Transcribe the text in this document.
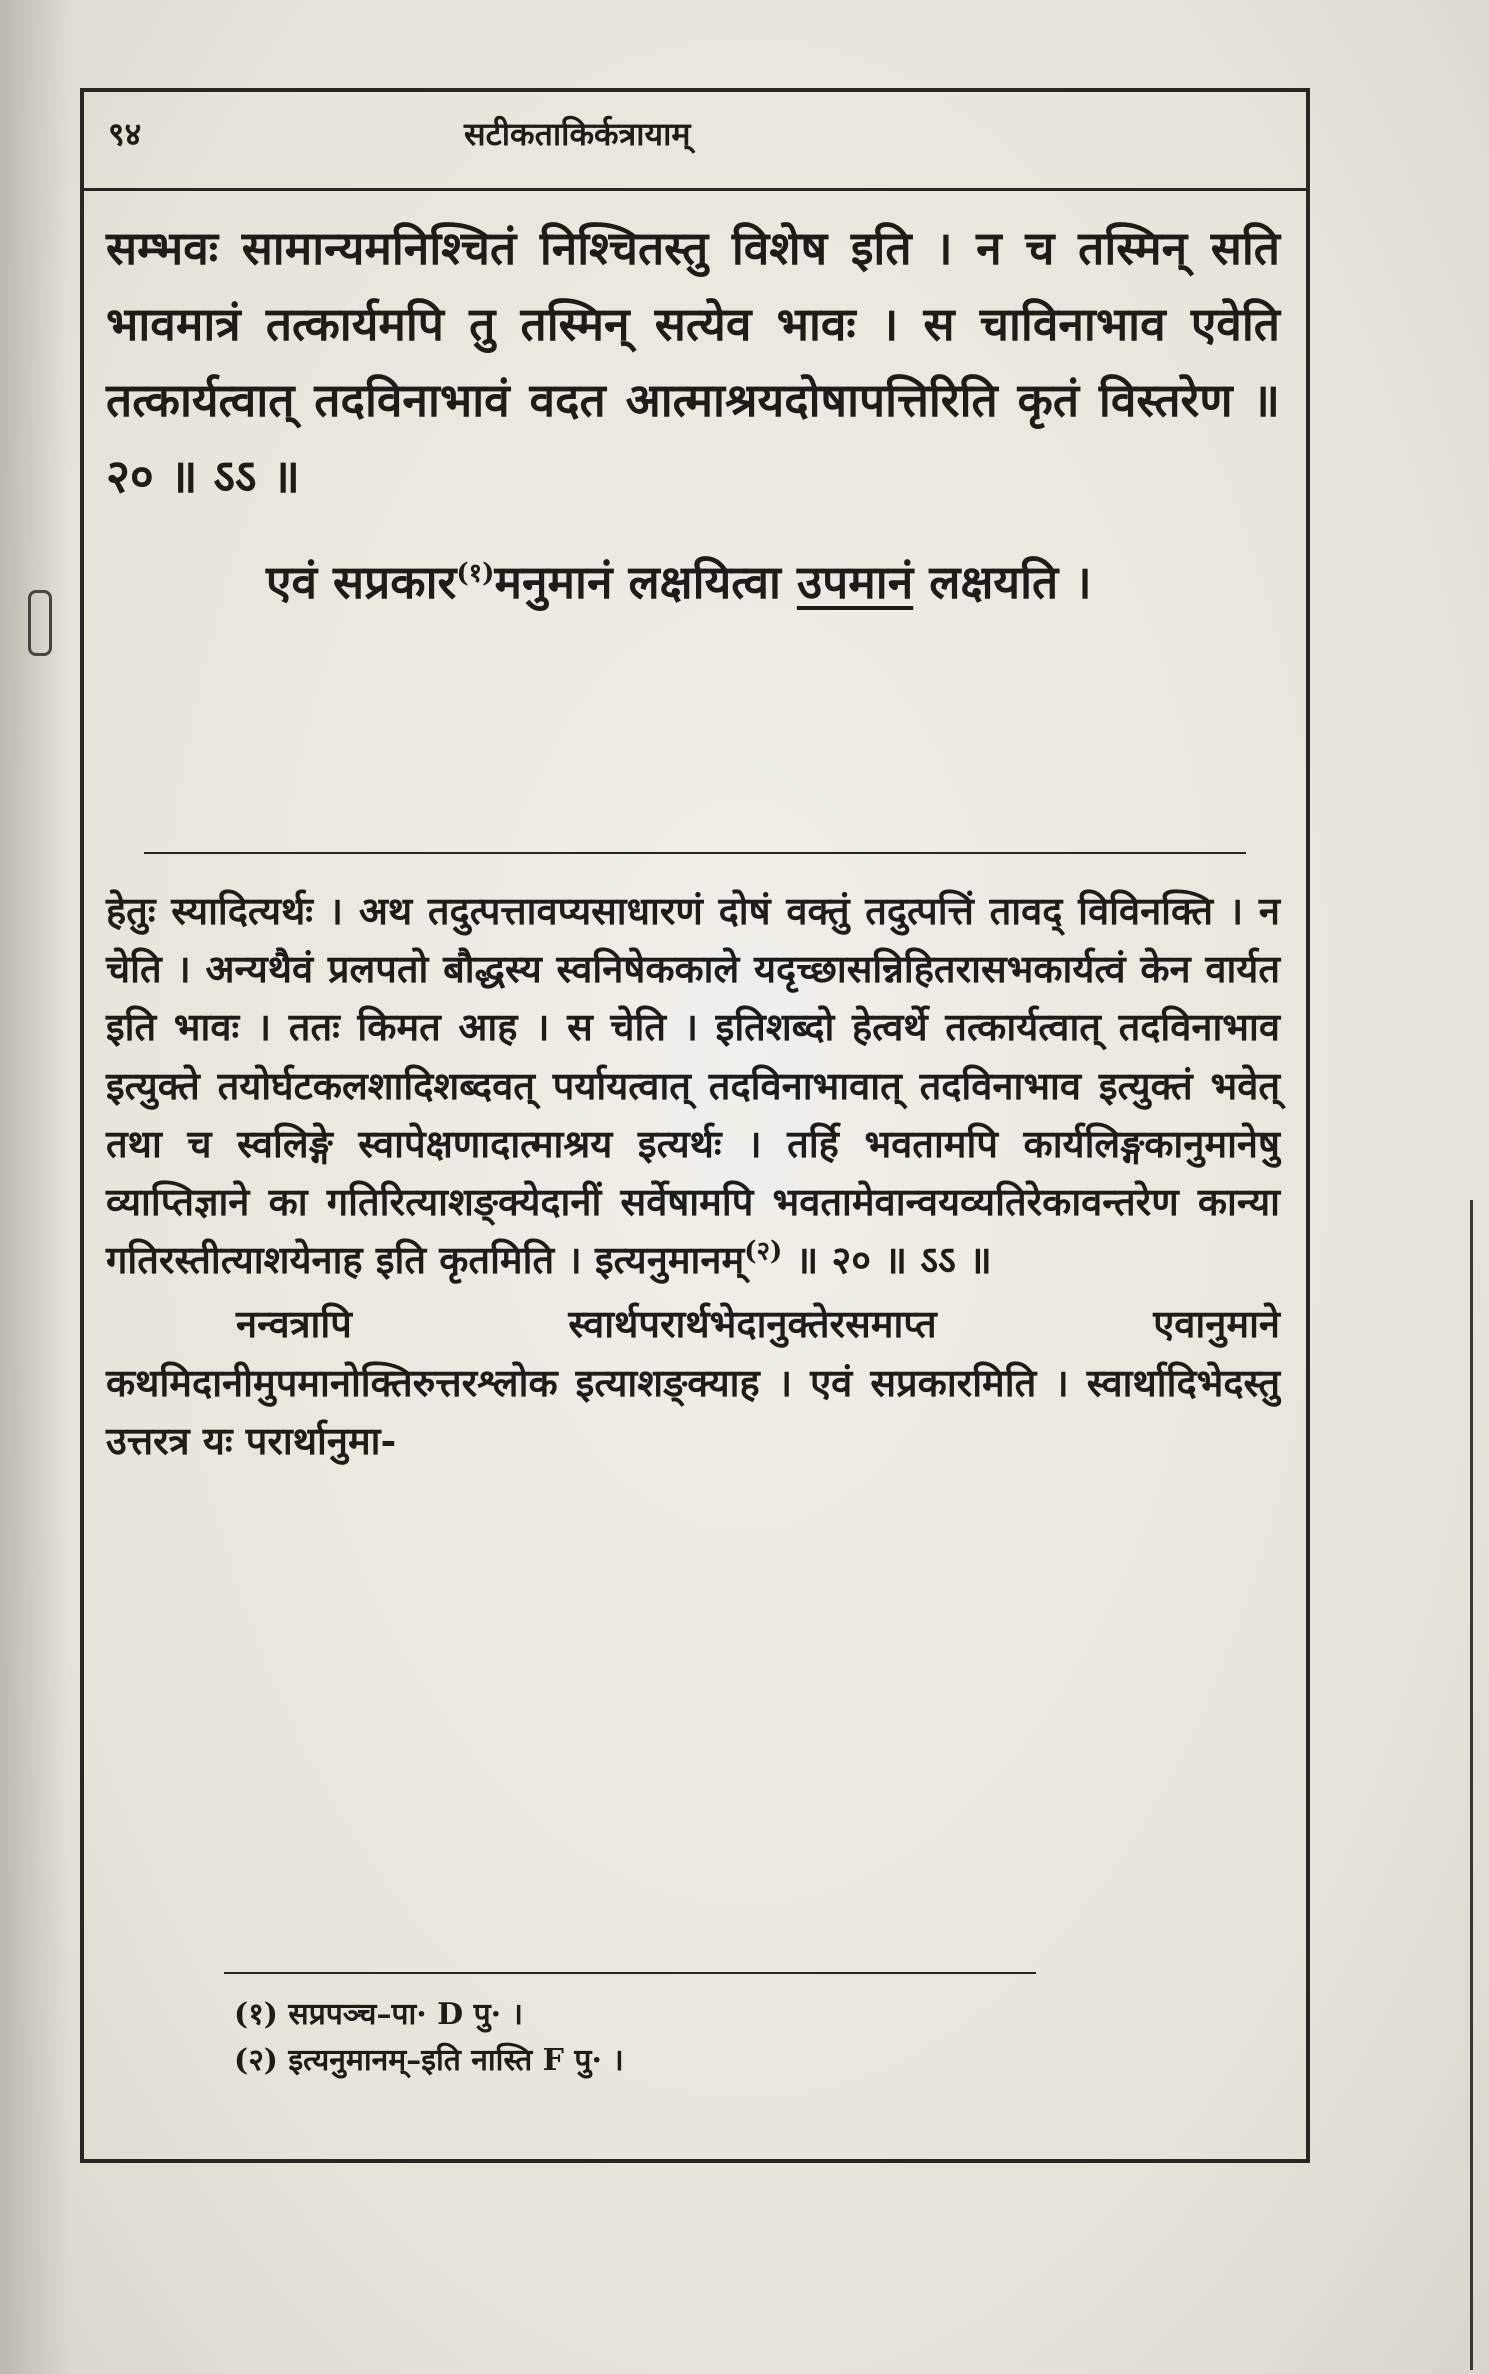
९४	सटीकताकिर्कत्रायाम्

सम्भवः सामान्यमनिश्चितं निश्चितस्तु विशेष इति । न च तस्मिन् सति भावमात्रं तत्कार्यमपि तु तस्मिन् सत्येव भावः । स चाविनाभाव एवेति तत्कार्यत्वात् तदविनाभावं वदत आत्माश्रयदोषापत्तिरिति कृतं विस्तरेण ॥ २० ॥ ऽऽ ॥

एवं सप्रकार$^{(१)}$मनुमानं लक्षयित्वा उपमानं लक्षयति ।

हेतुः स्यादित्यर्थः । अथ तदुत्पत्तावप्यसाधारणं दोषं वक्तुं तदुत्पत्तिं तावद् विविनक्ति । न चेति । अन्यथैवं प्रलपतो बौद्धस्य स्वनिषेककाले यदृच्छासन्निहितरासभकार्यत्वं केन वार्यत इति भावः । ततः किमत आह । स चेति । इतिशब्दो हेत्वर्थे तत्कार्यत्वात् तदविनाभाव इत्युक्ते तयोर्घटकलशादिशब्दवत् पर्यायत्वात् तदविनाभावात् तदविनाभाव इत्युक्तं भवेत् तथा च स्वलिङ्गे स्वापेक्षणादात्माश्रय इत्यर्थः । तर्हि भवतामपि कार्यलिङ्गकानुमानेषु व्याप्तिज्ञाने का गतिरित्याशङ्क्येदानीं सर्वेषामपि भवतामेवान्वयव्यतिरेकावन्तरेण कान्या गतिरस्तीत्याशयेनाह इति कृतमिति । इत्यनुमानम्$^{(२)}$ ॥ २० ॥ ऽऽ ॥

नन्वत्रापि स्वार्थपरार्थभेदानुक्तेरसमाप्त एवानुमाने कथमिदानीमुपमानोक्तिरुत्तरश्लोक इत्याशङ्क्याह । एवं सप्रकारमिति । स्वार्थादिभेदस्तु उत्तरत्र यः परार्थानुमा-

(१) सप्रपञ्च–पा· D पु· ।
(२) इत्यनुमानम्–इति नास्ति F पु· ।
